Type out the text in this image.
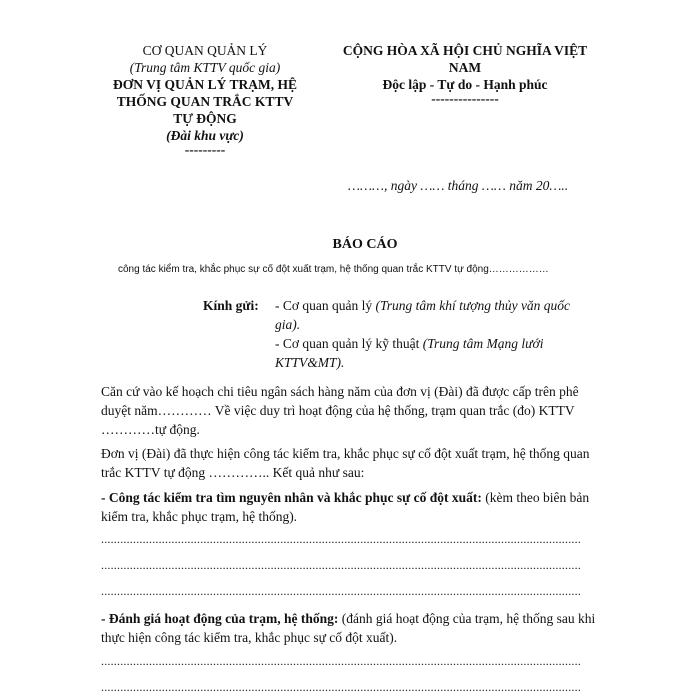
CƠ QUAN QUẢN LÝ
(Trung tâm KTTV quốc gia)
ĐƠN VỊ QUẢN LÝ TRẠM, HỆ
THỐNG QUAN TRẮC KTTV
TỰ ĐỘNG
(Đài khu vực)
---------
CỘNG HÒA XÃ HỘI CHỦ NGHĨA VIỆT
NAM
Độc lập - Tự do - Hạnh phúc
---------------
………, ngày …… tháng …… năm 20…..
BÁO CÁO
công tác kiểm tra, khắc phục sự cố đột xuất trạm, hệ thống quan trắc KTTV tự động………………
Kính gửi: - Cơ quan quản lý (Trung tâm khí tượng thủy văn quốc
gia).
- Cơ quan quản lý kỹ thuật (Trung tâm Mạng lưới
KTTV&MT).
Căn cứ vào kế hoạch chi tiêu ngân sách hàng năm của đơn vị (Đài) đã được cấp trên phê
duyệt năm………… Về việc duy trì hoạt động của hệ thống, trạm quan trắc (đo) KTTV
…………tự động.
Đơn vị (Đài) đã thực hiện công tác kiểm tra, khắc phục sự cố đột xuất trạm, hệ thống quan
trắc KTTV tự động ………….. Kết quả như sau:
- Công tác kiểm tra tìm nguyên nhân và khắc phục sự cố đột xuất: (kèm theo biên bản
kiểm tra, khắc phục trạm, hệ thống).
......................................................................................................................................................
......................................................................................................................................................
......................................................................................................................................................
- Đánh giá hoạt động của trạm, hệ thống: (đánh giá hoạt động của trạm, hệ thống sau khi
thực hiện công tác kiểm tra, khắc phục sự cố đột xuất).
......................................................................................................................................................
......................................................................................................................................................
